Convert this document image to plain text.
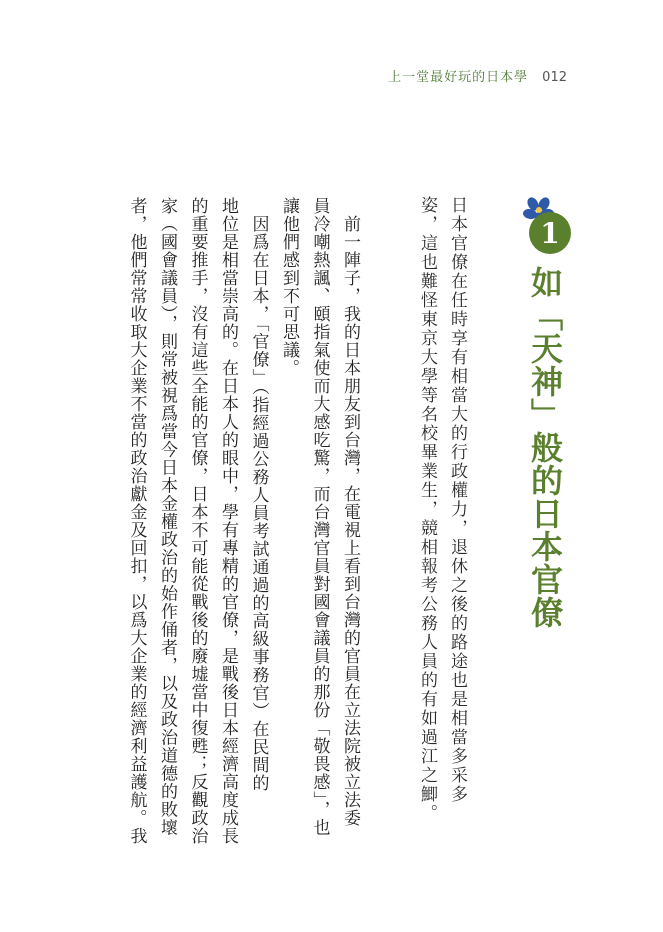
上一堂最好玩的日本學 012
1
如「天神」般的日本官僚
日本官僚在任時享有相當大的行政權力，退休之後的路途也是相當多采多
姿，這也難怪東京大學等名校畢業生，競相報考公務人員的有如過江之鯽。
前一陣子，我的日本朋友到台灣，在電視上看到台灣的官員在立法院被立法委
員冷嘲熱諷、頤指氣使而大感吃驚，而台灣官員對國會議員的那份「敬畏感」，也
讓他們感到不可思議。
因爲在日本，「官僚」（指經過公務人員考試通過的高級事務官）在民間的
地位是相當崇高的。在日本人的眼中，學有專精的官僚，是戰後日本經濟高度成長
的重要推手，沒有這些全能的官僚，日本不可能從戰後的廢墟當中復甦；反觀政治
家（國會議員），則常被視爲當今日本金權政治的始作俑者，以及政治道德的敗壞
者，他們常常收取大企業不當的政治獻金及回扣，以爲大企業的經濟利益護航。我
